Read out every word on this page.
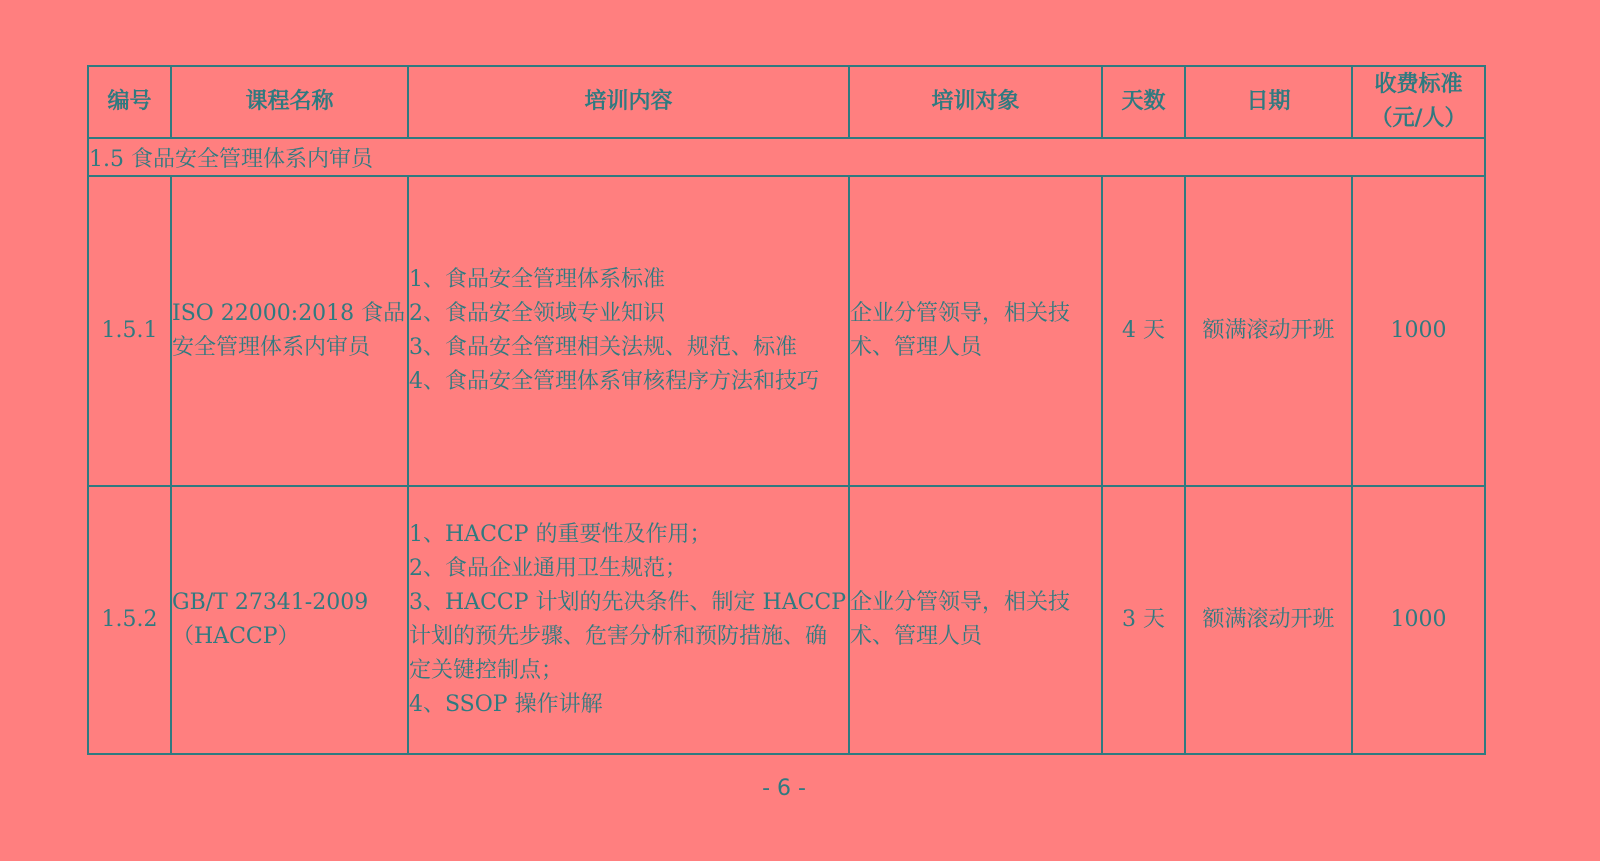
编号	课程名称	培训内容	培训对象	天数	日期	收费标准
（元/人）

1.5 食品安全管理体系内审员						
1.5.1	ISO 22000:2018 食品安全管理体系内审员	1、食品安全管理体系标准
2、食品安全领域专业知识
3、食品安全管理相关法规、规范、标准
4、食品安全管理体系审核程序方法和技巧	企业分管领导，相关技术、管理人员	4 天	额满滚动开班	1000
1.5.2	GB/T 27341-2009（HACCP）	1、HACCP 的重要性及作用；
2、食品企业通用卫生规范；
3、HACCP 计划的先决条件、制定 HACCP 计划的预先步骤、危害分析和预防措施、确定关键控制点；
4、SSOP 操作讲解	企业分管领导，相关技术、管理人员	3 天	额满滚动开班	1000
- 6 -
